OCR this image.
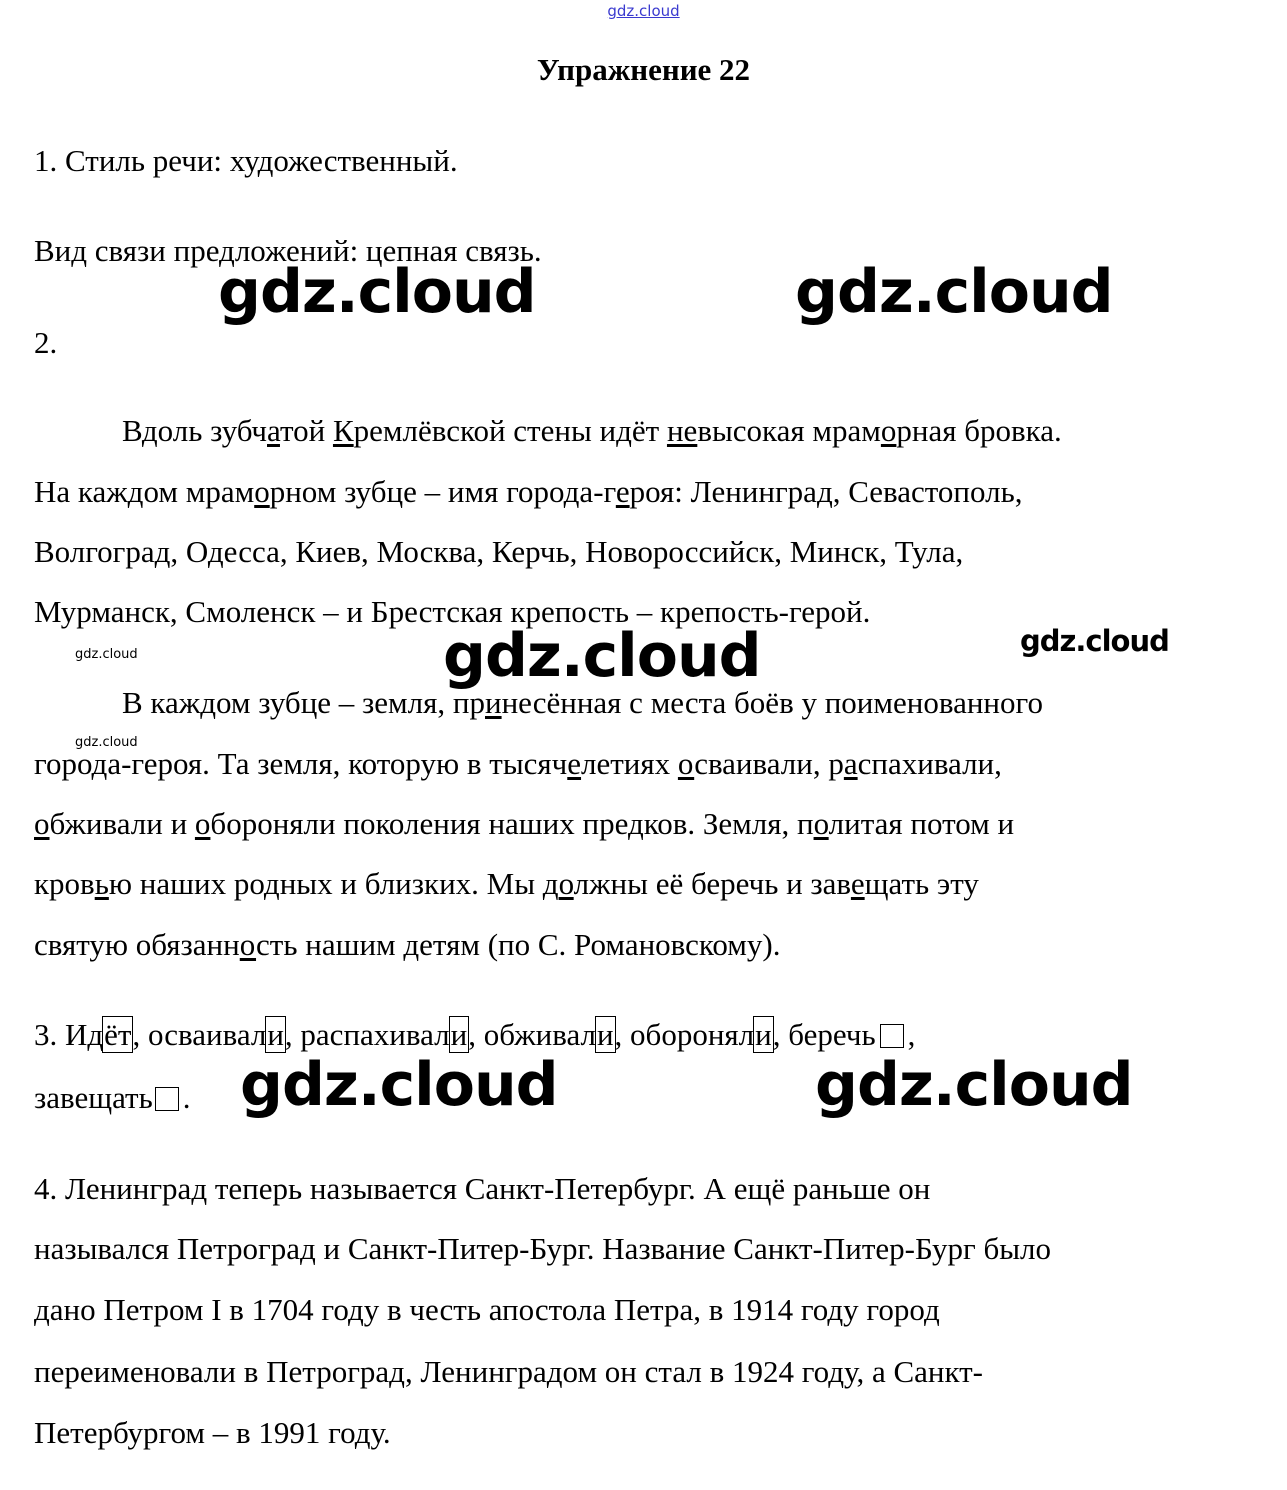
gdz.cloud
Упражнение 22
1. Стиль речи: художественный.
Вид связи предложений: цепная связь.
2.
Вдоль зубчатой Кремлёвской стены идёт невысокая мраморная бровка.
На каждом мраморном зубце – имя города-героя: Ленинград, Севастополь,
Волгоград, Одесса, Киев, Москва, Керчь, Новороссийск, Минск, Тула,
Мурманск, Смоленск – и Брестская крепость – крепость-герой.
В каждом зубце – земля, принесённая с места боёв у поименованного
города-героя. Та земля, которую в тысячелетиях осваивали, распахивали,
обживали и обороняли поколения наших предков. Земля, политая потом и
кровью наших родных и близких. Мы должны её беречь и завещать эту
святую обязанность нашим детям (по С. Романовскому).
3. Идёт, осваивали, распахивали, обживали, обороняли, беречь ,
завещать .
4. Ленинград теперь называется Санкт-Петербург. А ещё раньше он
назывался Петроград и Санкт-Питер-Бург. Название Санкт-Питер-Бург было
дано Петром I в 1704 году в честь апостола Петра, в 1914 году город
переименовали в Петроград, Ленинградом он стал в 1924 году, а Санкт-
Петербургом – в 1991 году.
gdz.cloud	gdz.cloud
gdz.cloud	gdz.cloud
gdz.cloud
gdz.cloud
gdz.cloud	gdz.cloud
